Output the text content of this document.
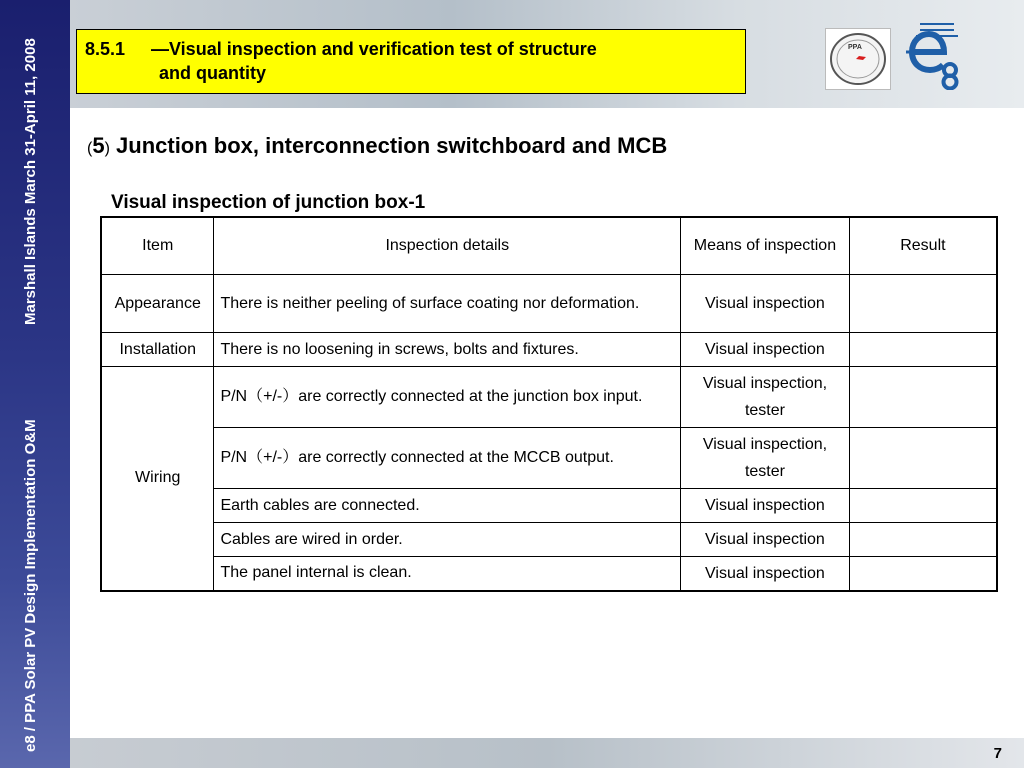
Marshall Islands March 31-April 11, 2008
e8 / PPA Solar PV Design Implementation O&M
8.5.1 —Visual inspection and verification test of structure
and quantity
PPA
(5) Junction box, interconnection switchboard and MCB
Visual inspection of junction box-1
Item	Inspection details	Means of inspection	Result
Appearance	There is neither peeling of surface coating nor deformation.	Visual inspection	
Installation	There is no loosening in screws, bolts and fixtures.	Visual inspection	
Wiring	P/N（+/-）are correctly connected at the junction box input.	Visual inspection, tester	
	P/N（+/-）are correctly connected at the MCCB output.	Visual inspection, tester	
	Earth cables are connected.	Visual inspection	
	Cables are wired in order.	Visual inspection	
	The panel internal is clean.	Visual inspection	
7
